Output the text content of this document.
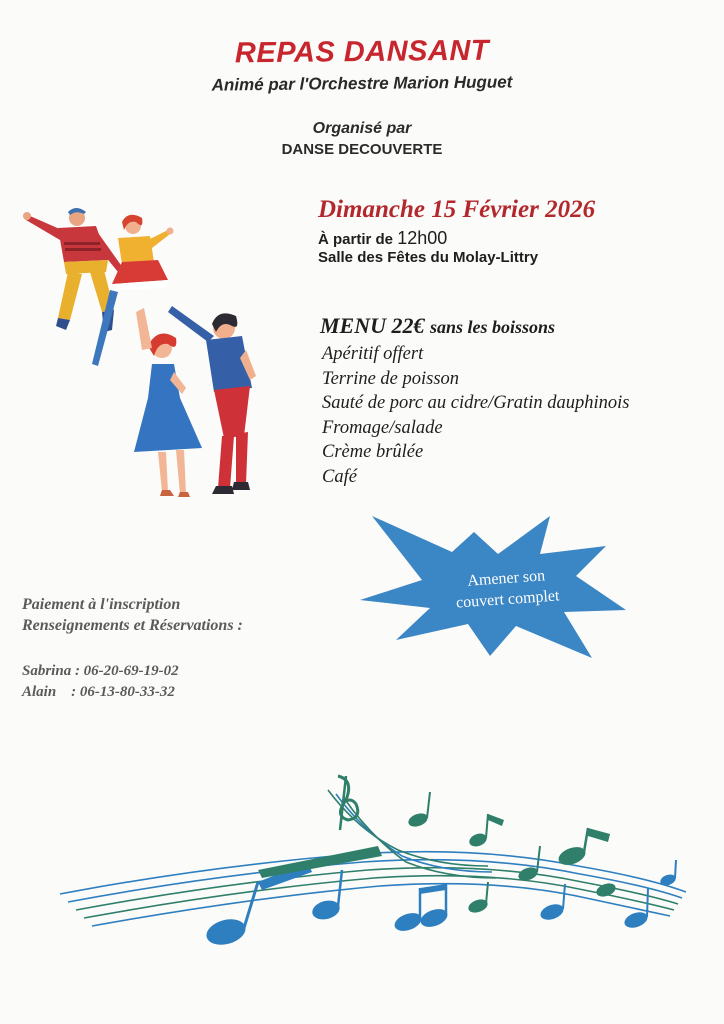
REPAS DANSANT
Animé par l'Orchestre Marion Huguet
Organisé par
DANSE DECOUVERTE
Dimanche 15 Février 2026
À partir de 12h00
Salle des Fêtes du Molay-Littry
MENU 22€ sans les boissons
Apéritif offert
Terrine de poisson
Sauté de porc au cidre/Gratin dauphinois
Fromage/salade
Crème brûlée
Café
Amener son
couvert complet
Paiement à l'inscription
Renseignements et Réservations :
Sabrina : 06-20-69-19-02
Alain    : 06-13-80-33-32
